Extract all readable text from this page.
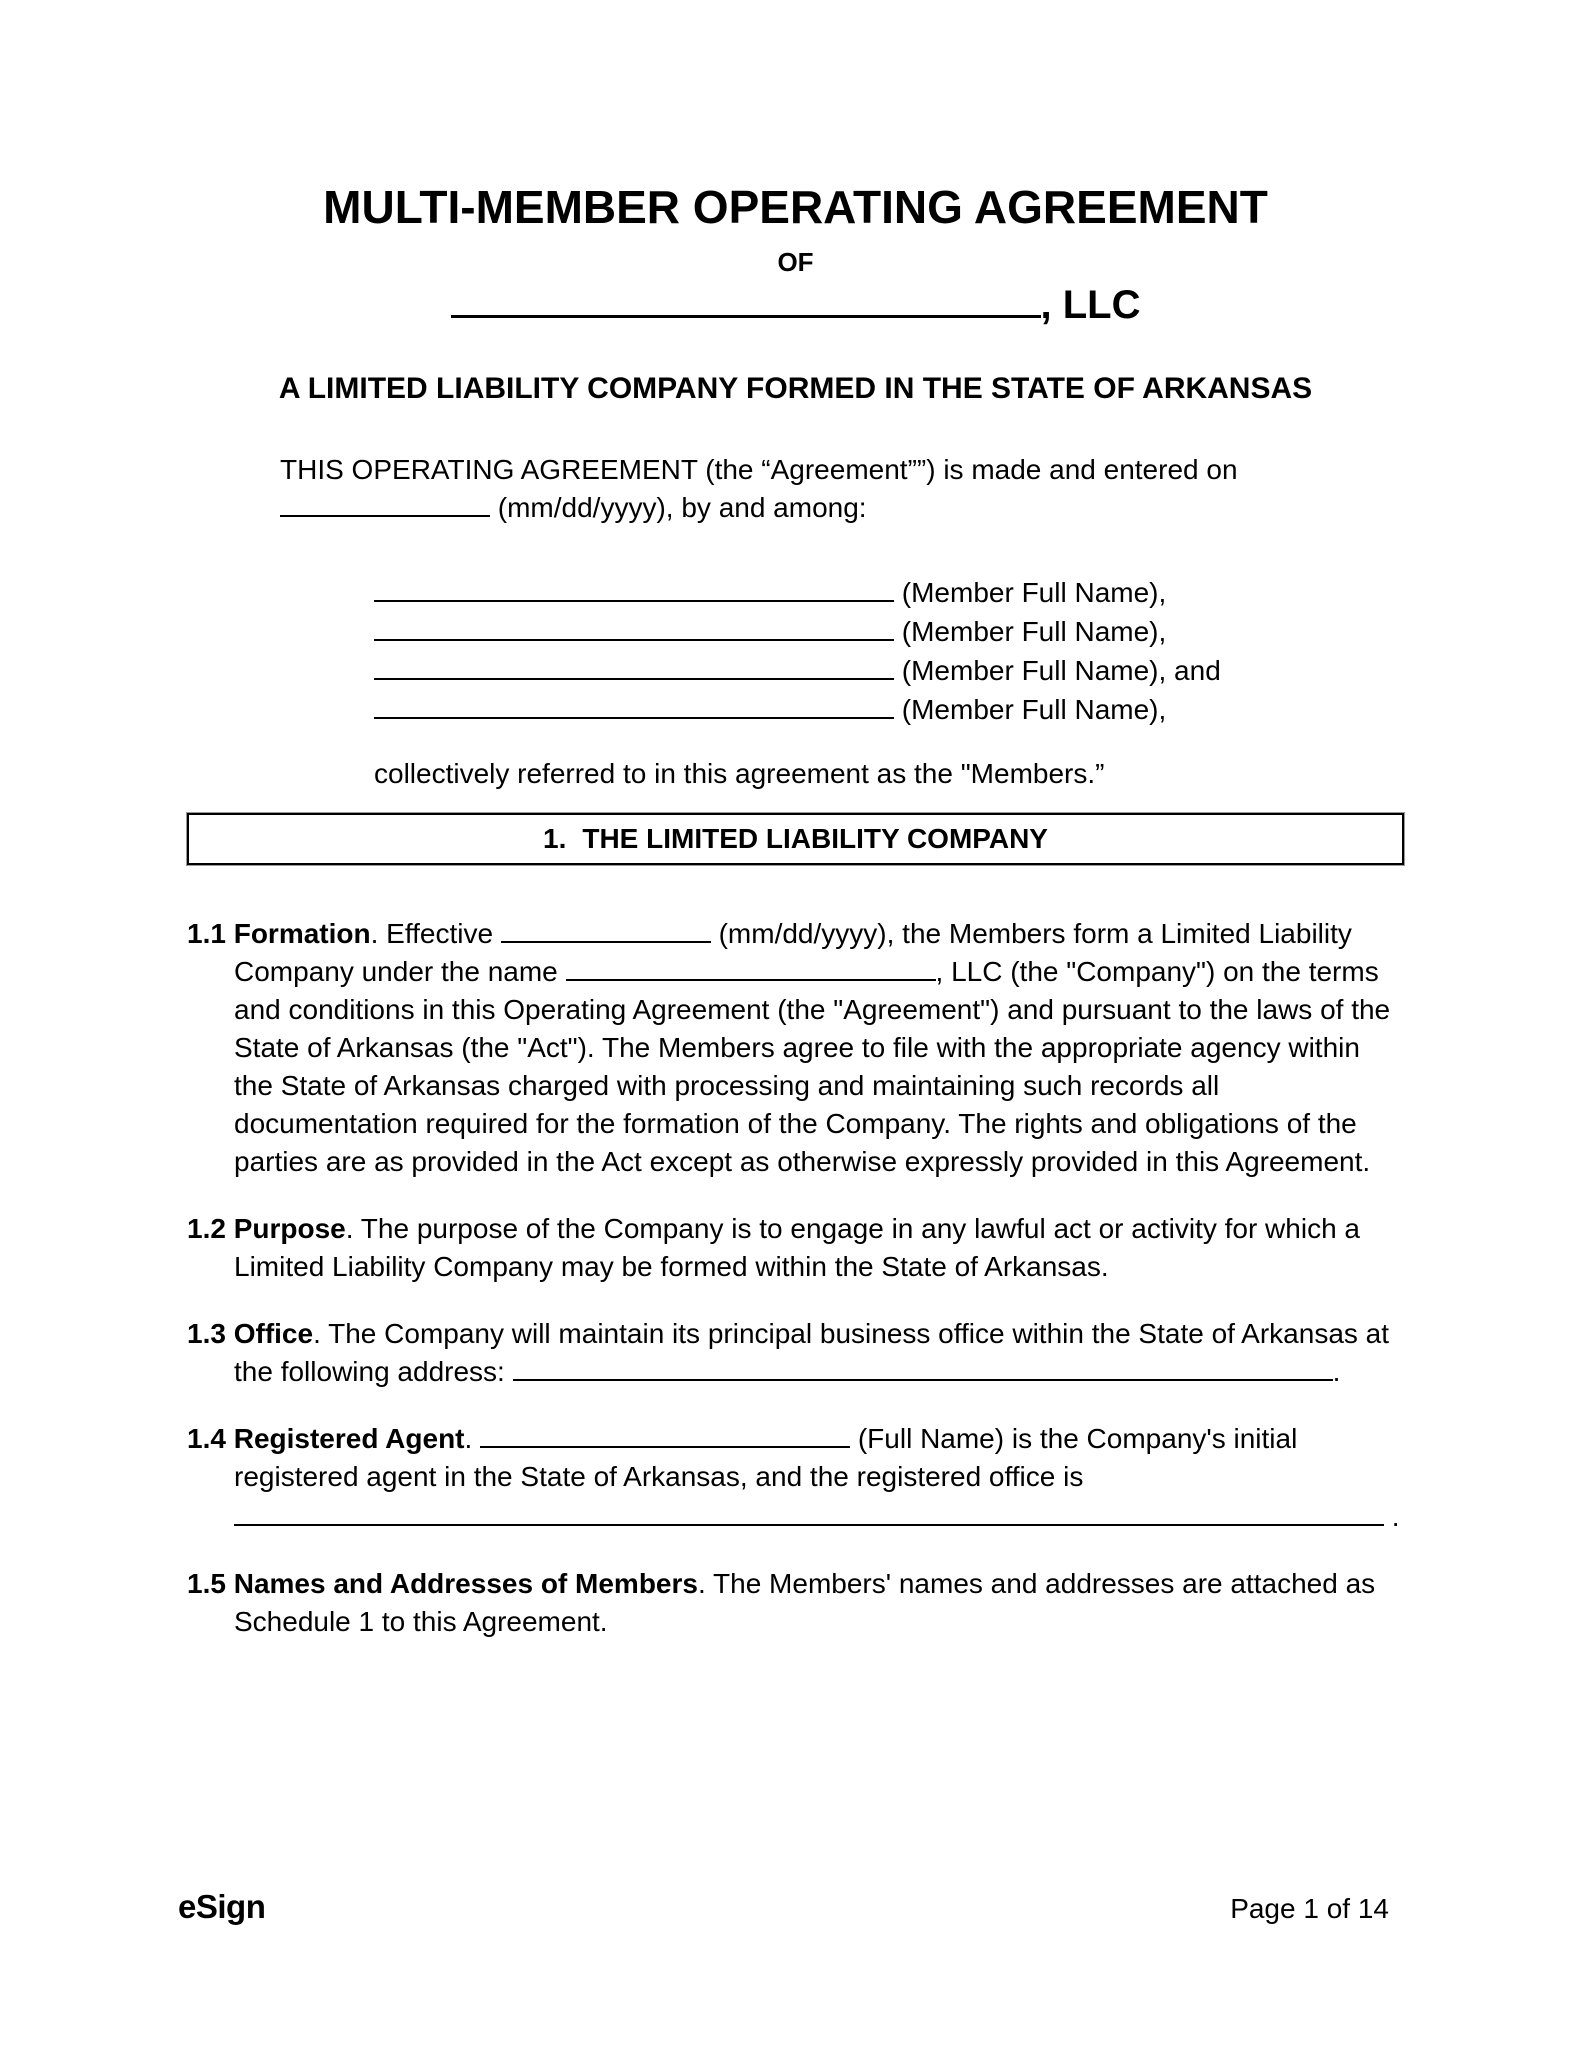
MULTI-MEMBER OPERATING AGREEMENT
OF
, LLC
A LIMITED LIABILITY COMPANY FORMED IN THE STATE OF ARKANSAS

THIS OPERATING AGREEMENT (the “Agreement””) is made and entered on
(mm/dd/yyyy), by and among:

(Member Full Name),
(Member Full Name),
(Member Full Name), and
(Member Full Name),

collectively referred to in this agreement as the "Members.”

1. THE LIMITED LIABILITY COMPANY

1.1 Formation. Effective	(mm/dd/yyyy), the Members form a Limited Liability Company under the name	, LLC (the "Company") on the terms and conditions in this Operating Agreement (the "Agreement") and pursuant to the laws of the State of Arkansas (the "Act"). The Members agree to file with the appropriate agency within the State of Arkansas charged with processing and maintaining such records all documentation required for the formation of the Company. The rights and obligations of the parties are as provided in the Act except as otherwise expressly provided in this Agreement.

1.2 Purpose. The purpose of the Company is to engage in any lawful act or activity for which a Limited Liability Company may be formed within the State of Arkansas.

1.3 Office. The Company will maintain its principal business office within the State of Arkansas at the following address:	.

1.4 Registered Agent.	(Full Name) is the Company's initial registered agent in the State of Arkansas, and the registered office is
.

1.5 Names and Addresses of Members. The Members' names and addresses are attached as Schedule 1 to this Agreement.

eSign	Page 1 of 14
